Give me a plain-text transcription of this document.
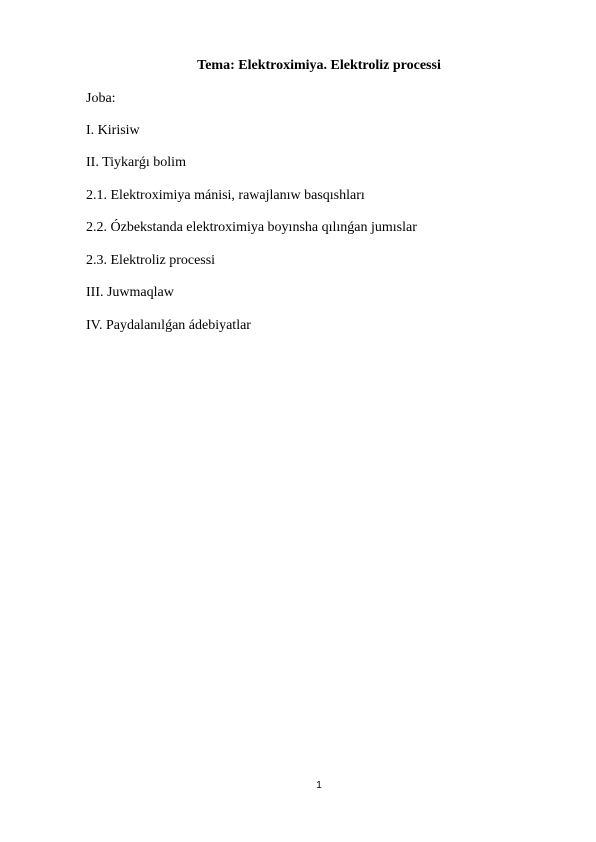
Tema: Elektroximiya. Elektroliz processi
Joba:
I. Kirisiw
II. Tiykarǵı bolim
2.1. Elektroximiya mánisi, rawajlanıw basqıshları
2.2. Ózbekstanda elektroximiya boyınsha qılınǵan jumıslar
2.3. Elektroliz processi
III. Juwmaqlaw
IV. Paydalanılǵan ádebiyatlar
1
